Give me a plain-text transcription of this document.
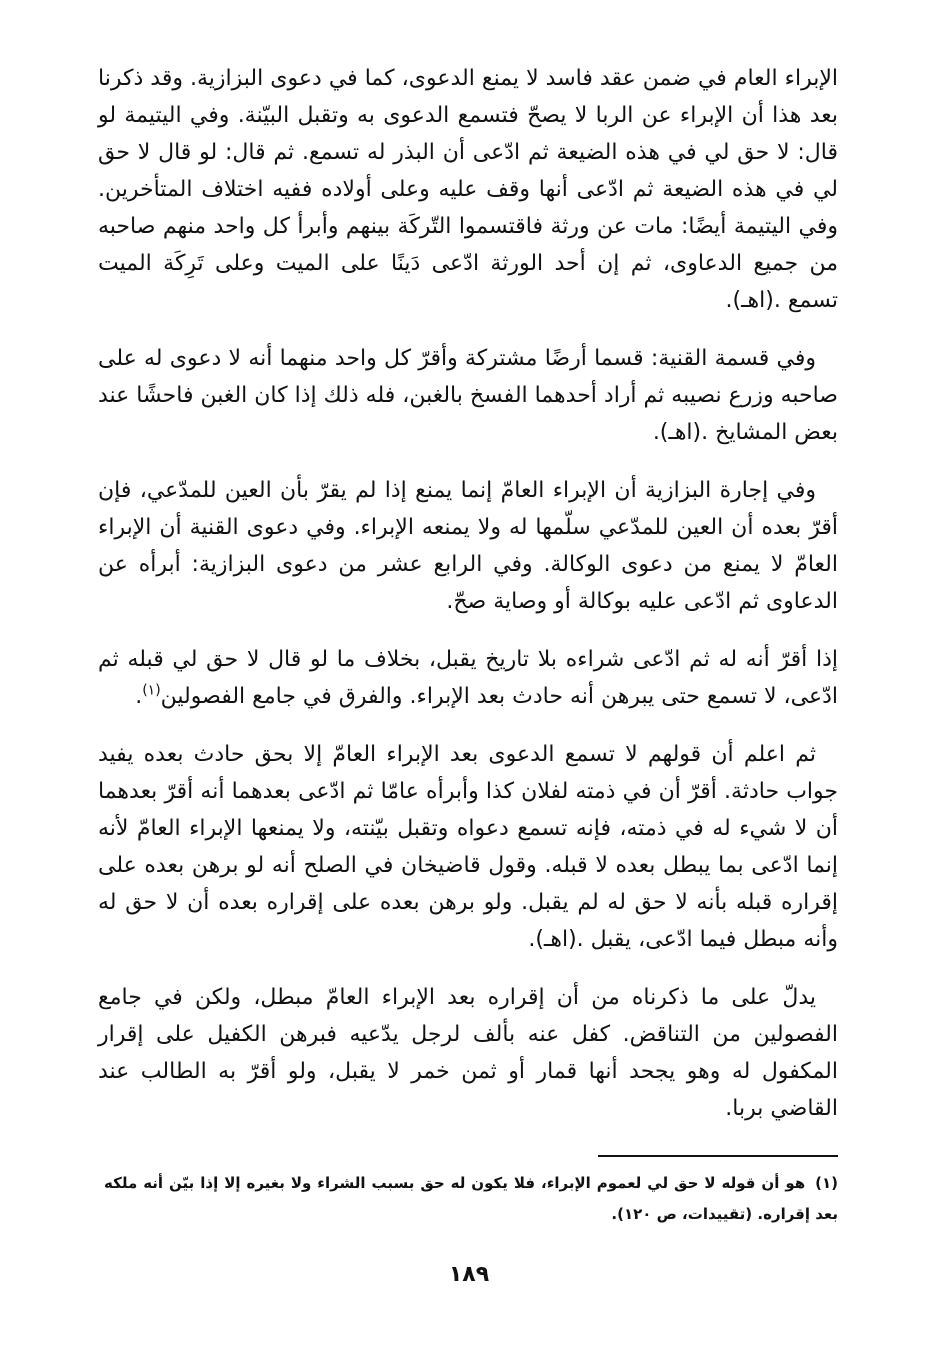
الإبراء العام في ضمن عقد فاسد لا يمنع الدعوى، كما في دعوى البزازية. وقد ذكرنا بعد هذا أن الإبراء عن الربا لا يصحّ فتسمع الدعوى به وتقبل البيّنة. وفي اليتيمة لو قال: لا حق لي في هذه الضيعة ثم ادّعى أن البذر له تسمع. ثم قال: لو قال لا حق لي في هذه الضيعة ثم ادّعى أنها وقف عليه وعلى أولاده ففيه اختلاف المتأخرين. وفي اليتيمة أيضًا: مات عن ورثة فاقتسموا التّركَة بينهم وأبرأ كل واحد منهم صاحبه من جميع الدعاوى، ثم إن أحد الورثة ادّعى دَينًا على الميت وعلى تَرِكَة الميت تسمع .(اهـ).

وفي قسمة القنية: قسما أرضًا مشتركة وأقرّ كل واحد منهما أنه لا دعوى له على صاحبه وزرع نصيبه ثم أراد أحدهما الفسخ بالغبن، فله ذلك إذا كان الغبن فاحشًا عند بعض المشايخ .(اهـ).

وفي إجارة البزازية أن الإبراء العامّ إنما يمنع إذا لم يقرّ بأن العين للمدّعي، فإن أقرّ بعده أن العين للمدّعي سلّمها له ولا يمنعه الإبراء. وفي دعوى القنية أن الإبراء العامّ لا يمنع من دعوى الوكالة. وفي الرابع عشر من دعوى البزازية: أبرأه عن الدعاوى ثم ادّعى عليه بوكالة أو وصاية صحّ.

إذا أقرّ أنه له ثم ادّعى شراءه بلا تاريخ يقبل، بخلاف ما لو قال لا حق لي قبله ثم ادّعى، لا تسمع حتى يبرهن أنه حادث بعد الإبراء. والفرق في جامع الفصولين$^{(١)}$.

ثم اعلم أن قولهم لا تسمع الدعوى بعد الإبراء العامّ إلا بحق حادث بعده يفيد جواب حادثة. أقرّ أن في ذمته لفلان كذا وأبرأه عامّا ثم ادّعى بعدهما أنه أقرّ بعدهما أن لا شيء له في ذمته، فإنه تسمع دعواه وتقبل بيّنته، ولا يمنعها الإبراء العامّ لأنه إنما ادّعى بما يبطل بعده لا قبله. وقول قاضيخان في الصلح أنه لو برهن بعده على إقراره قبله بأنه لا حق له لم يقبل. ولو برهن بعده على إقراره بعده أن لا حق له وأنه مبطل فيما ادّعى، يقبل .(اهـ).

يدلّ على ما ذكرناه من أن إقراره بعد الإبراء العامّ مبطل، ولكن في جامع الفصولين من التناقض. كفل عنه بألف لرجل يدّعيه فبرهن الكفيل على إقرار المكفول له وهو يجحد أنها قمار أو ثمن خمر لا يقبل، ولو أقرّ به الطالب عند القاضي بربا.

(١)هو أن قوله لا حق لي لعموم الإبراء، فلا يكون له حق بسبب الشراء ولا بغيره إلا إذا بيّن أنه ملكه بعد إقراره. (تقييدات، ص ١٢٠).
١٨٩
